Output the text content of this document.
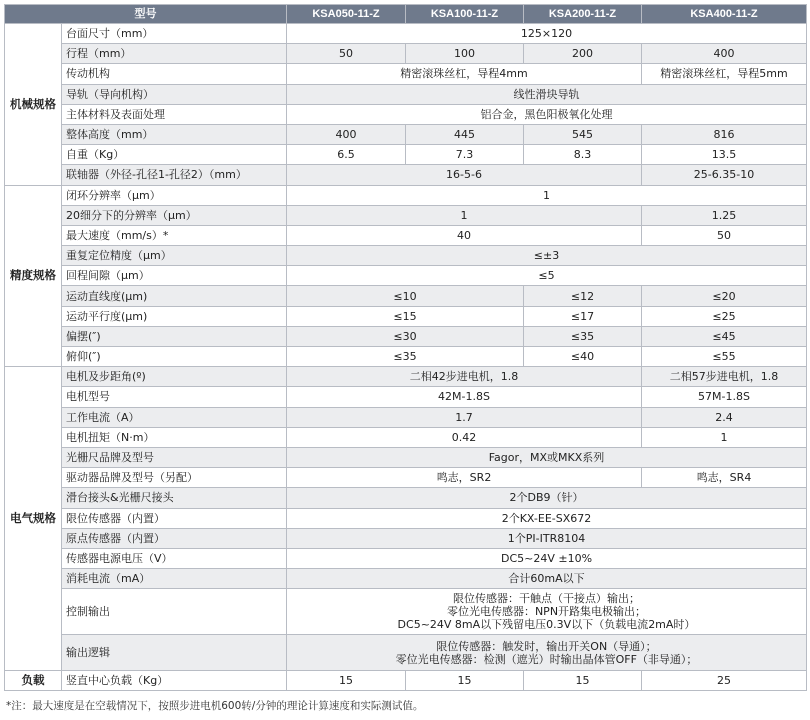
型号		KSA050-11-Z	KSA100-11-Z	KSA200-11-Z	KSA400-11-Z
机械规格	台面尺寸（mm）	125×120			
	行程（mm）	50	100	200	400
	传动机构	精密滚珠丝杠，导程4mm			精密滚珠丝杠，导程5mm
	导轨（导向机构）	线性滑块导轨			
	主体材料及表面处理	铝合金，黑色阳极氧化处理			
	整体高度（mm）	400	445	545	816
	自重（Kg）	6.5	7.3	8.3	13.5
	联轴器（外径-孔径1-孔径2）（mm）	16-5-6			25-6.35-10
精度规格	闭环分辨率（μm）	1			
	20细分下的分辨率（μm）	1			1.25
	最大速度（mm/s）*	40			50
	重复定位精度（μm）	≤±3			
	回程间隙（μm）	≤5			
	运动直线度(μm)	≤10		≤12	≤20
	运动平行度(μm)	≤15		≤17	≤25
	偏摆(″)	≤30		≤35	≤45
	俯仰(″)	≤35		≤40	≤55
电气规格	电机及步距角(º)	二相42步进电机，1.8			二相57步进电机，1.8
	电机型号	42M-1.8S			57M-1.8S
	工作电流（A）	1.7			2.4
	电机扭矩（N·m）	0.42			1
	光栅尺品牌及型号	Fagor，MX或MKX系列			
	驱动器品牌及型号（另配）	鸣志，SR2			鸣志，SR4
	滑台接头&光栅尺接头	2个DB9（针）			
	限位传感器（内置）	2个KX-EE-SX672			
	原点传感器（内置）	1个PI-ITR8104			
	传感器电源电压（V）	DC5~24V ±10%			
	消耗电流（mA）	合计60mA以下			
	控制输出	限位传感器：干触点（干接点）输出；
零位光电传感器：NPN开路集电极输出；
DC5~24V 8mA以下残留电压0.3V以下（负载电流2mA时）			

	输出逻辑	限位传感器：触发时，输出开关ON（导通）；
零位光电传感器：检测（遮光）时输出晶体管OFF（非导通）；			

负载	竖直中心负载（Kg）	15	15	15	25
*注：最大速度是在空载情况下，按照步进电机600转/分钟的理论计算速度和实际测试值。
